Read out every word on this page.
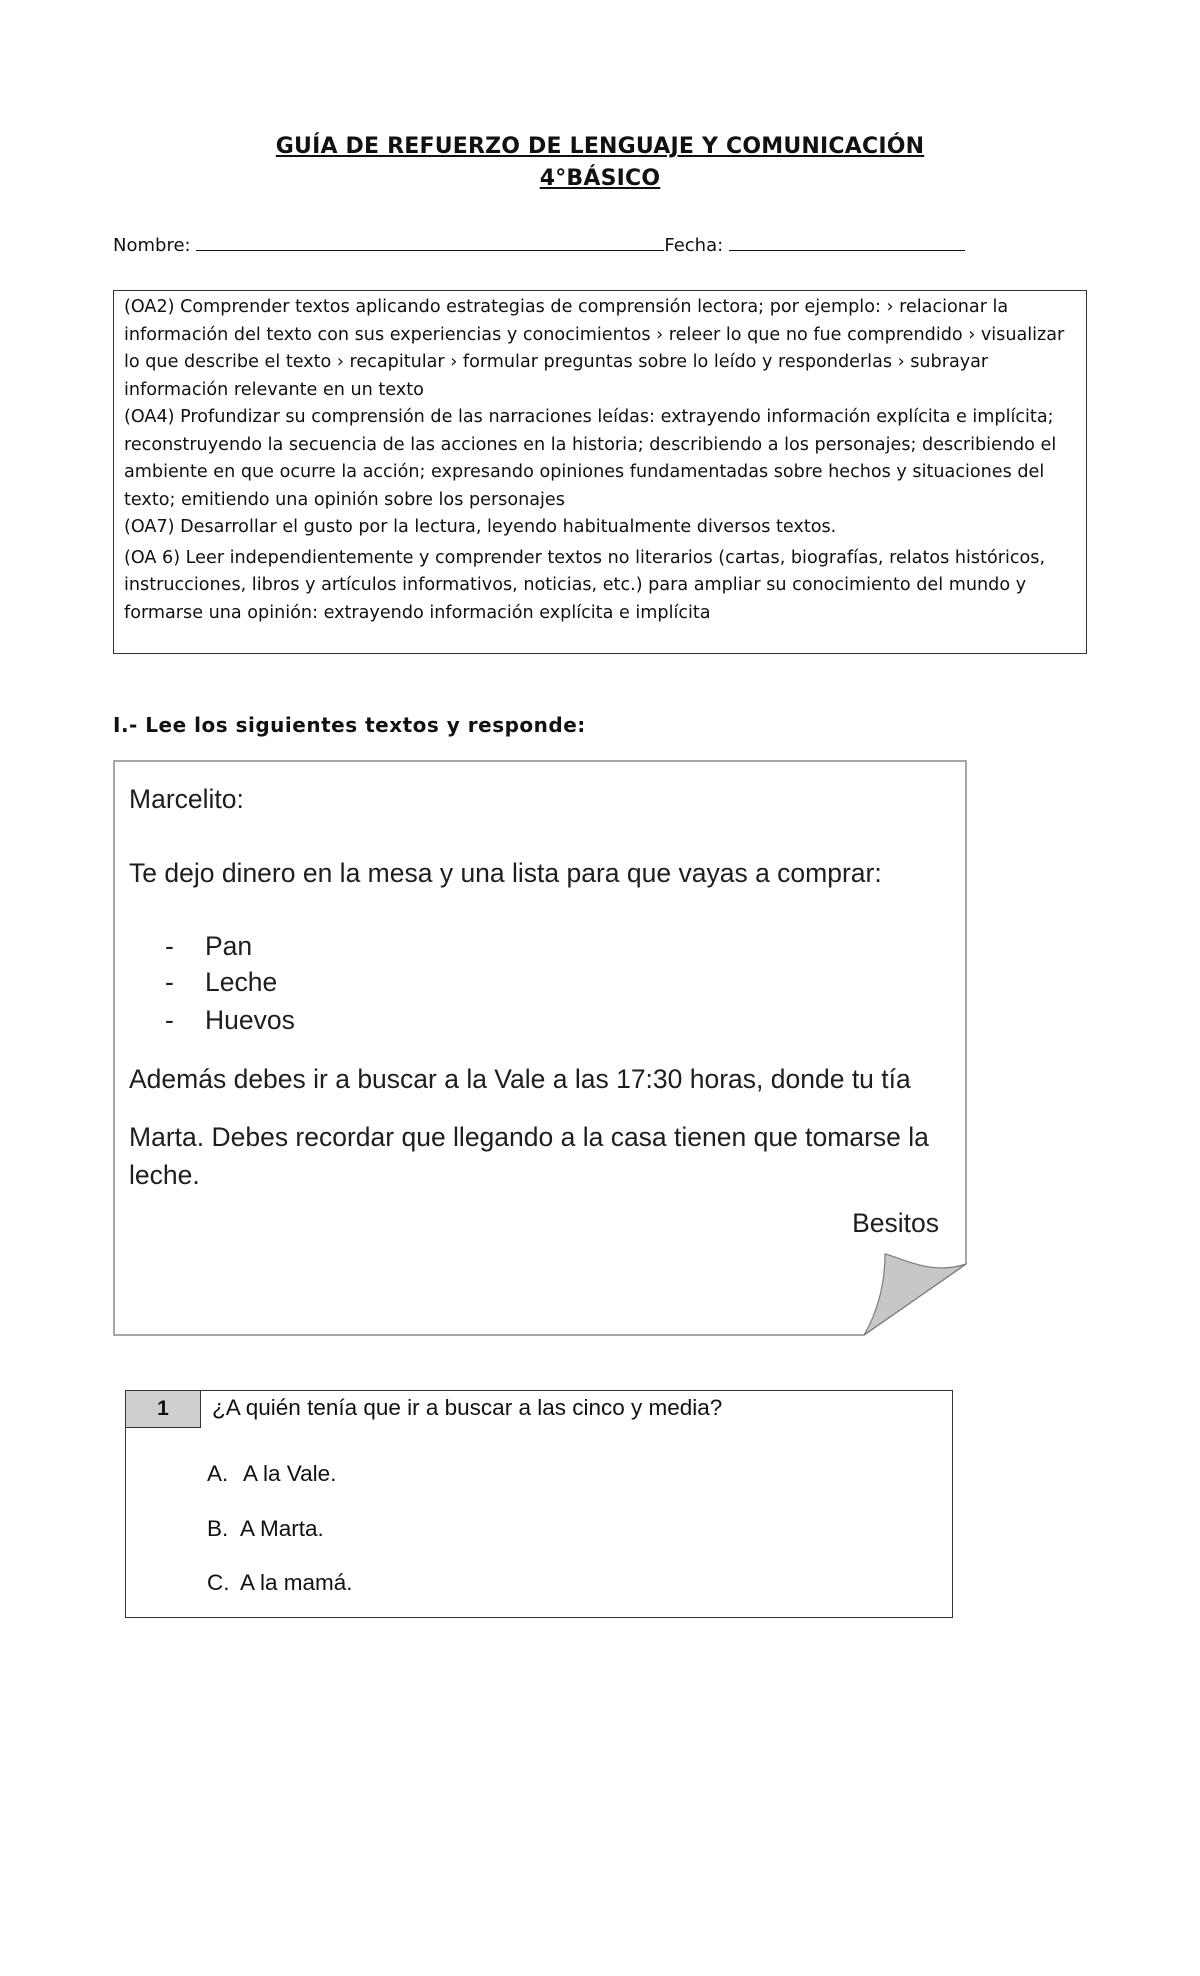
GUÍA DE REFUERZO DE LENGUAJE Y COMUNICACIÓN
4°BÁSICO
Nombre:	Fecha:

(OA2) Comprender textos aplicando estrategias de comprensión lectora; por ejemplo: › relacionar la información del texto con sus experiencias y conocimientos › releer lo que no fue comprendido › visualizar lo que describe el texto › recapitular › formular preguntas sobre lo leído y responderlas › subrayar información relevante en un texto

(OA4) Profundizar su comprensión de las narraciones leídas: extrayendo información explícita e implícita; reconstruyendo la secuencia de las acciones en la historia; describiendo a los personajes; describiendo el ambiente en que ocurre la acción; expresando opiniones fundamentadas sobre hechos y situaciones del texto; emitiendo una opinión sobre los personajes

(OA7) Desarrollar el gusto por la lectura, leyendo habitualmente diversos textos.

(OA 6) Leer independientemente y comprender textos no literarios (cartas, biografías, relatos históricos, instrucciones, libros y artículos informativos, noticias, etc.) para ampliar su conocimiento del mundo y formarse una opinión: extrayendo información explícita e implícita

I.- Lee los siguientes textos y responde:
Marcelito:
Te dejo dinero en la mesa y una lista para que vayas a comprar:
- Pan
- Leche
- Huevos
Además debes ir a buscar a la Vale a las 17:30 horas, donde tu tía
Marta. Debes recordar que llegando a la casa tienen que tomarse la leche.
Besitos
1	¿A quién tenía que ir a buscar a las cinco y media?
A. A la Vale.
B. A Marta.
C. A la mamá.
